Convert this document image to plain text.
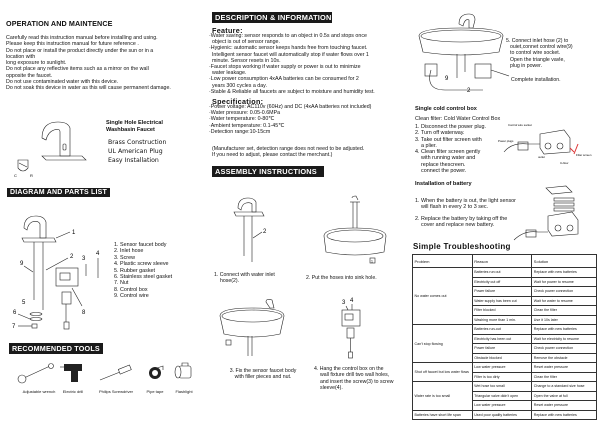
OPERATION AND MAINTENCE
Carefully read this instruction manual before installing and using.
Please keep this instruction manual for future reference .
Do not place or install the product directly under the sun or in a
location with
long exposure to sunlight.
Do not place any reflective items such as a mirror on the wall
opposite the faucet.
Do not use contaminated water with this device.
Do not soak this device in water as this will cause permanent damage.
C	R
Single Hole Electrical
Washbasin Faucet
Brass Construction
UL American Plug
Easy Installation
DIAGRAM AND PARTS LIST
1
2
9
8
3
4
5
6
7
1. Sensor faucet body
2. Inlet hose
3. Screw
4. Plastic screw sleeve
5. Rubber gasket
6. Stainless steel gasket
7. Nut
8. Control box
9. Control wire
RECOMMENDED TOOLS
Adjustable wrench	Electric drill	Philips Screwdriver	Pipe tape	Flashlight
DESCRIPTION & INFORMATION
Feature:
·Water saving: sensor responds to an object in 0.5s and stops once
object is out of sensor range.
·Hygienic: automatic sensor keeps hands free from touching faucet.
Intelligent sensor faucet will automatically stop if water flows over 1
minute. Sensor resets in 10s.
·Faucet stops working if water supply or power is out to minimize
water leakage.
·Low power consumption 4xAA batteries can be consumed for 2
years 300 cycles a day.
·Stable & Reliable all faucets are subject to moisture and humidity test.
Specification:
·Power voltage: AC110v (60Hz) and DC (4xAA batteries not included)
·Water pressure: 0.05-0.6MPa
·Water temperature: 0-80℃
·Ambient temperature: 0.1-45℃
·Detection range:10-15cm
(Manufacturer set, detection range does not need to be adjusted.
If you need to adjust, please contact the merchant.)
ASSEMBLY INSTRUCTIONS
2
1. Connect with water inlet
hose(2).
1
2. Put the hoses into sink hole.
3. Fix the sensor faucet body
with filler pieces and nut.
3 4
4. Hang the control box on the
wall fixture drill two wall holes,
and insert the screw(3) to screw
sleeve(4).
9
2
5. Connect inlet hose (2) to
ouiet,connet control wire(9)
to control wire socket.
Open the triangle vavle,
plug in power.
Complete installation.
Single cold control box
Clean filter: Cold Water Control Box
1. Disconnect the power plug.
2. Turn off waterway.
3. Take out filter screen with
a plier.
4. Clean filter screen gently
with running water and
replace thescreen.
connect the power.
Control wire socket
Power plugs
outlet
In-flow
Filter screen
Installation of battery
1. When the battery is out, the light sensor
will flash in every 2 to 3 sec.
2. Replace the battery by taking off the
cover and replace new battery.
Simple Troubleshooting
Problem	Reason	Solution
No water comes out	Batteries run out	Replace with new batteries
	Electricity cut off	Wait for power to resume
	Power failure	Check power connection
	Water supply has been cut	Wait for water to resume
	Filter blocked	Clean the filter
	Washing more than 1 min.	Use it 10s later
Can't stop flowing	Batteries run-out	Replace with new batteries
	Electricity has been cut	Wait for electricity to resume
	Power failure	Check power connection
	Obstacle blocked	Remove the obstacle
Shut off faucet but low water flows	Low water pressure	Reset water pressure
	Filter is too dirty	Clean the filter
Water rate is too small	Wet hose too small	Change to a standard size hose
	Triangular valve didn't open	Open the valve at full
	Low water pressure	Reset water pressure
Batteries have short life span	Used poor quality batteries	Replace with new batteries
